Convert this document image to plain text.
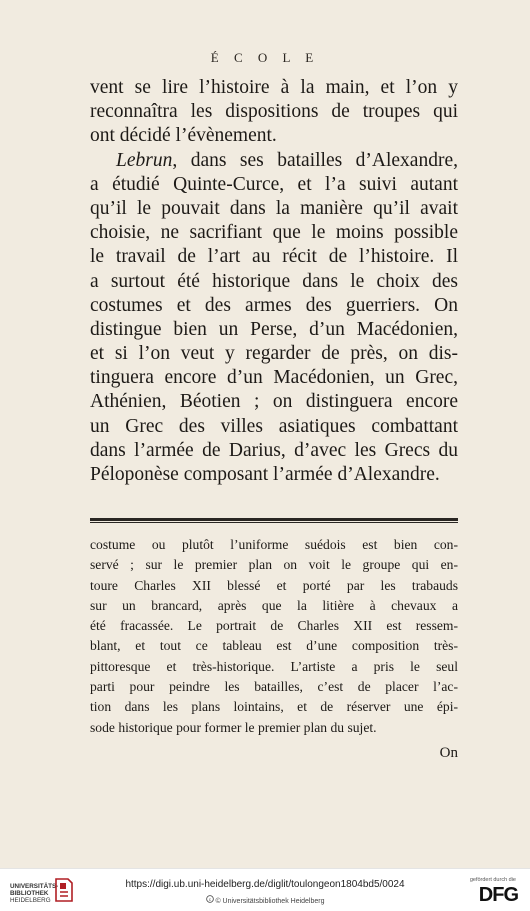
É C O L E
vent se lire l’histoire à la main, et l’on y
reconnaîtra les dispositions de troupes qui
ont décidé l’évènement.
Lebrun, dans ses batailles d’Alexandre,
a étudié Quinte-Curce, et l’a suivi autant
qu’il le pouvait dans la manière qu’il avait
choisie, ne sacrifiant que le moins possible
le travail de l’art au récit de l’histoire. Il
a surtout été historique dans le choix des
costumes et des armes des guerriers. On
distingue bien un Perse, d’un Macédonien,
et si l’on veut y regarder de près, on dis-
tinguera encore d’un Macédonien, un Grec,
Athénien, Béotien ; on distinguera encore
un Grec des villes asiatiques combattant
dans l’armée de Darius, d’avec les Grecs du
Péloponèse composant l’armée d’Alexandre.
costume ou plutôt l’uniforme suédois est bien con-
servé ; sur le premier plan on voit le groupe qui en-
toure Charles XII blessé et porté par les trabauds
sur un brancard, après que la litière à chevaux a
été fracassée. Le portrait de Charles XII est ressem-
blant, et tout ce tableau est d’une composition très-
pittoresque et très-historique. L’artiste a pris le seul
parti pour peindre les batailles, c’est de placer l’ac-
tion dans les plans lointains, et de réserver une épi-
sode historique pour former le premier plan du sujet.
On
UNIVERSITÄTS-
BIBLIOTHEK
HEIDELBERG
https://digi.ub.uni-heidelberg.de/diglit/toulongeon1804bd5/0024
c © Universitätsbibliothek Heidelberg
gefördert durch die
DFG
